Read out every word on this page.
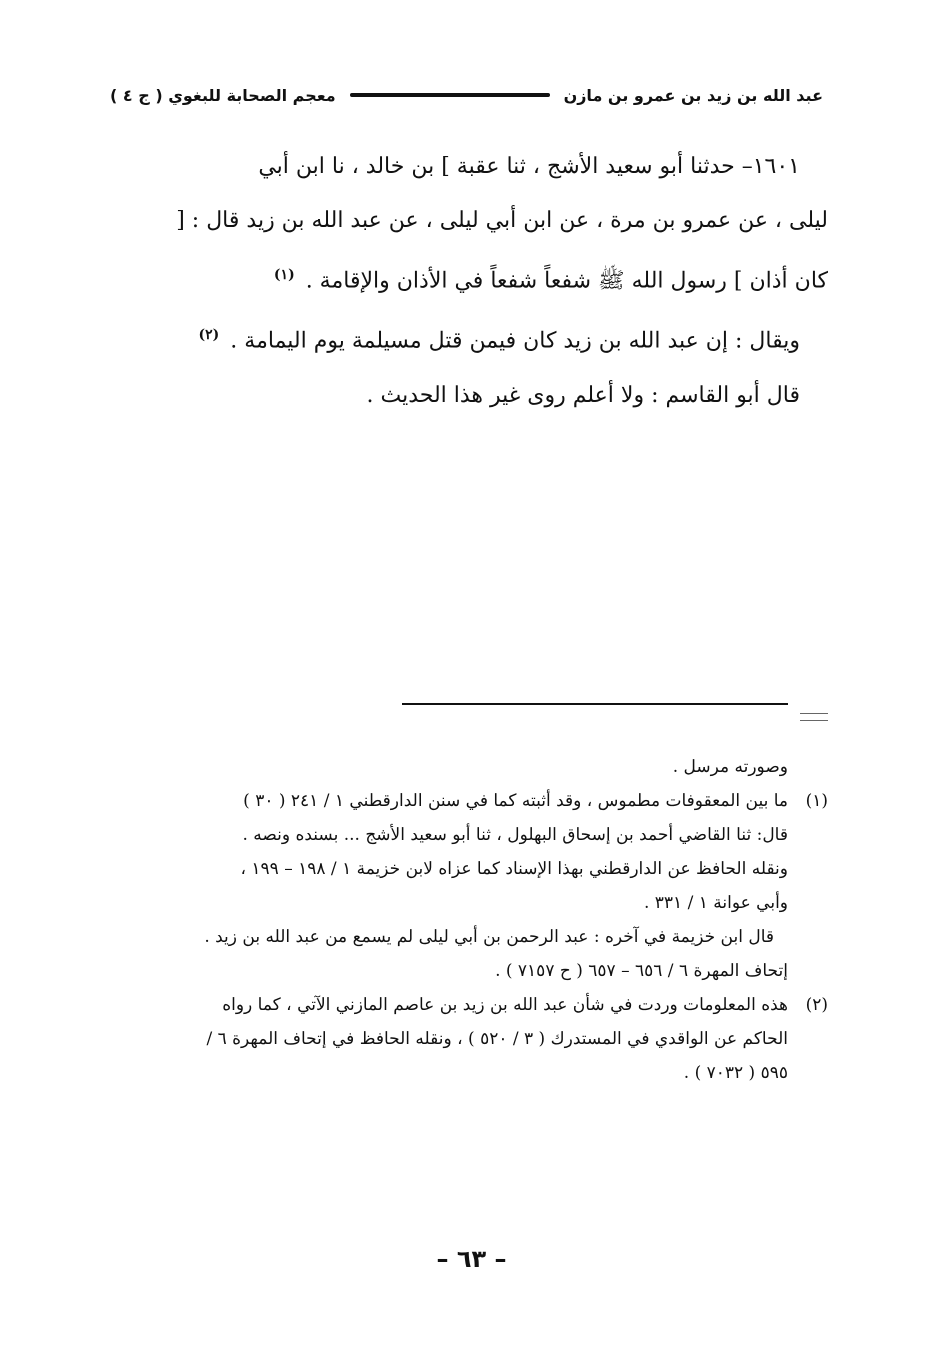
معجم الصحابة للبغوي ( ج ٤ )	عبد الله بن زيد بن عمرو بن مازن

١٦٠١– حدثنا أبو سعيد الأشج ، ثنا عقبة ] بن خالد ، نا ابن أبي

ليلى ، عن عمرو بن مرة ، عن ابن أبي ليلى ، عن عبد الله بن زيد قال : [

كان أذان ] رسول الله ﷺ شفعاً شفعاً في الأذان والإقامة . $^{(١)}$

ويقال : إن عبد الله بن زيد كان فيمن قتل مسيلمة يوم اليمامة . $^{(٢)}$

قال أبو القاسم : ولا أعلم روى غير هذا الحديث .

وصورته مرسل .

(١)

ما بين المعقوفات مطموس ، وقد أثبته كما في سنن الدارقطني ١ / ٢٤١ ( ٣٠ )

قال: ثنا القاضي أحمد بن إسحاق البهلول ، ثنا أبو سعيد الأشج ... بسنده ونصه .

ونقله الحافظ عن الدارقطني بهذا الإسناد كما عزاه لابن خزيمة ١ / ١٩٨ – ١٩٩ ،

وأبي عوانة ١ / ٣٣١ .

قال ابن خزيمة في آخره : عبد الرحمن بن أبي ليلى لم يسمع من عبد الله بن زيد .

إتحاف المهرة ٦ / ٦٥٦ – ٦٥٧ ( ح ٧١٥٧ ) .

(٢)

هذه المعلومات وردت في شأن عبد الله بن زيد بن عاصم المازني الآتي ، كما رواه

الحاكم عن الواقدي في المستدرك ( ٣ / ٥٢٠ ) ، ونقله الحافظ في إتحاف المهرة ٦ /

٥٩٥ ( ٧٠٣٢ ) .

– ٦٣ –
